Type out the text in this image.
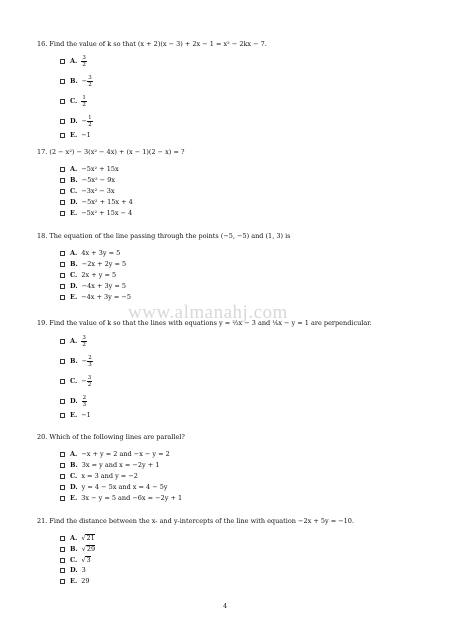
16. Find the value of k so that (x + 2)(x − 3) + 2x − 1 = x² − 2kx − 7.
A. $\frac{3}{2}$
B. − $\frac{3}{2}$
C. $\frac{1}{2}$
D. − $\frac{1}{2}$
E. −1
17. (2 − x²) − 3(x² − 4x) + (x − 1)(2 − x) = ?
A. −5x² + 15x
B. −5x² − 9x
C. −3x² − 3x
D. −5x² + 15x + 4
E. −5x² + 15x − 4
18. The equation of the line passing through the points (−5, −5) and (1, 3) is
A. 4x + 3y = 5
B. −2x + 2y = 5
C. 2x + y = 5
D. −4x + 3y = 5
E. −4x + 3y = −5
www.almanahj.com
19. Find the value of k so that the lines with equations y = ²⁄₃x − 3 and ¹⁄ₖx − y = 1 are perpendicular.
A. $\frac{3}{2}$
B. − $\frac{2}{3}$
C. − $\frac{3}{2}$
D. $\frac{2}{3}$
E. −1
20. Which of the following lines are parallel?
A. −x + y = 2 and −x − y = 2
B. 3x = y and x = −2y + 1
C. x = 3 and y = −2
D. y = 4 − 5x and x = 4 − 5y
E. 3x − y = 5 and −6x = −2y + 1
21. Find the distance between the x- and y-intercepts of the line with equation −2x + 5y = −10.
A. √ 21
B. √ 29
C. √ 3
D. 3
E. 29
4
